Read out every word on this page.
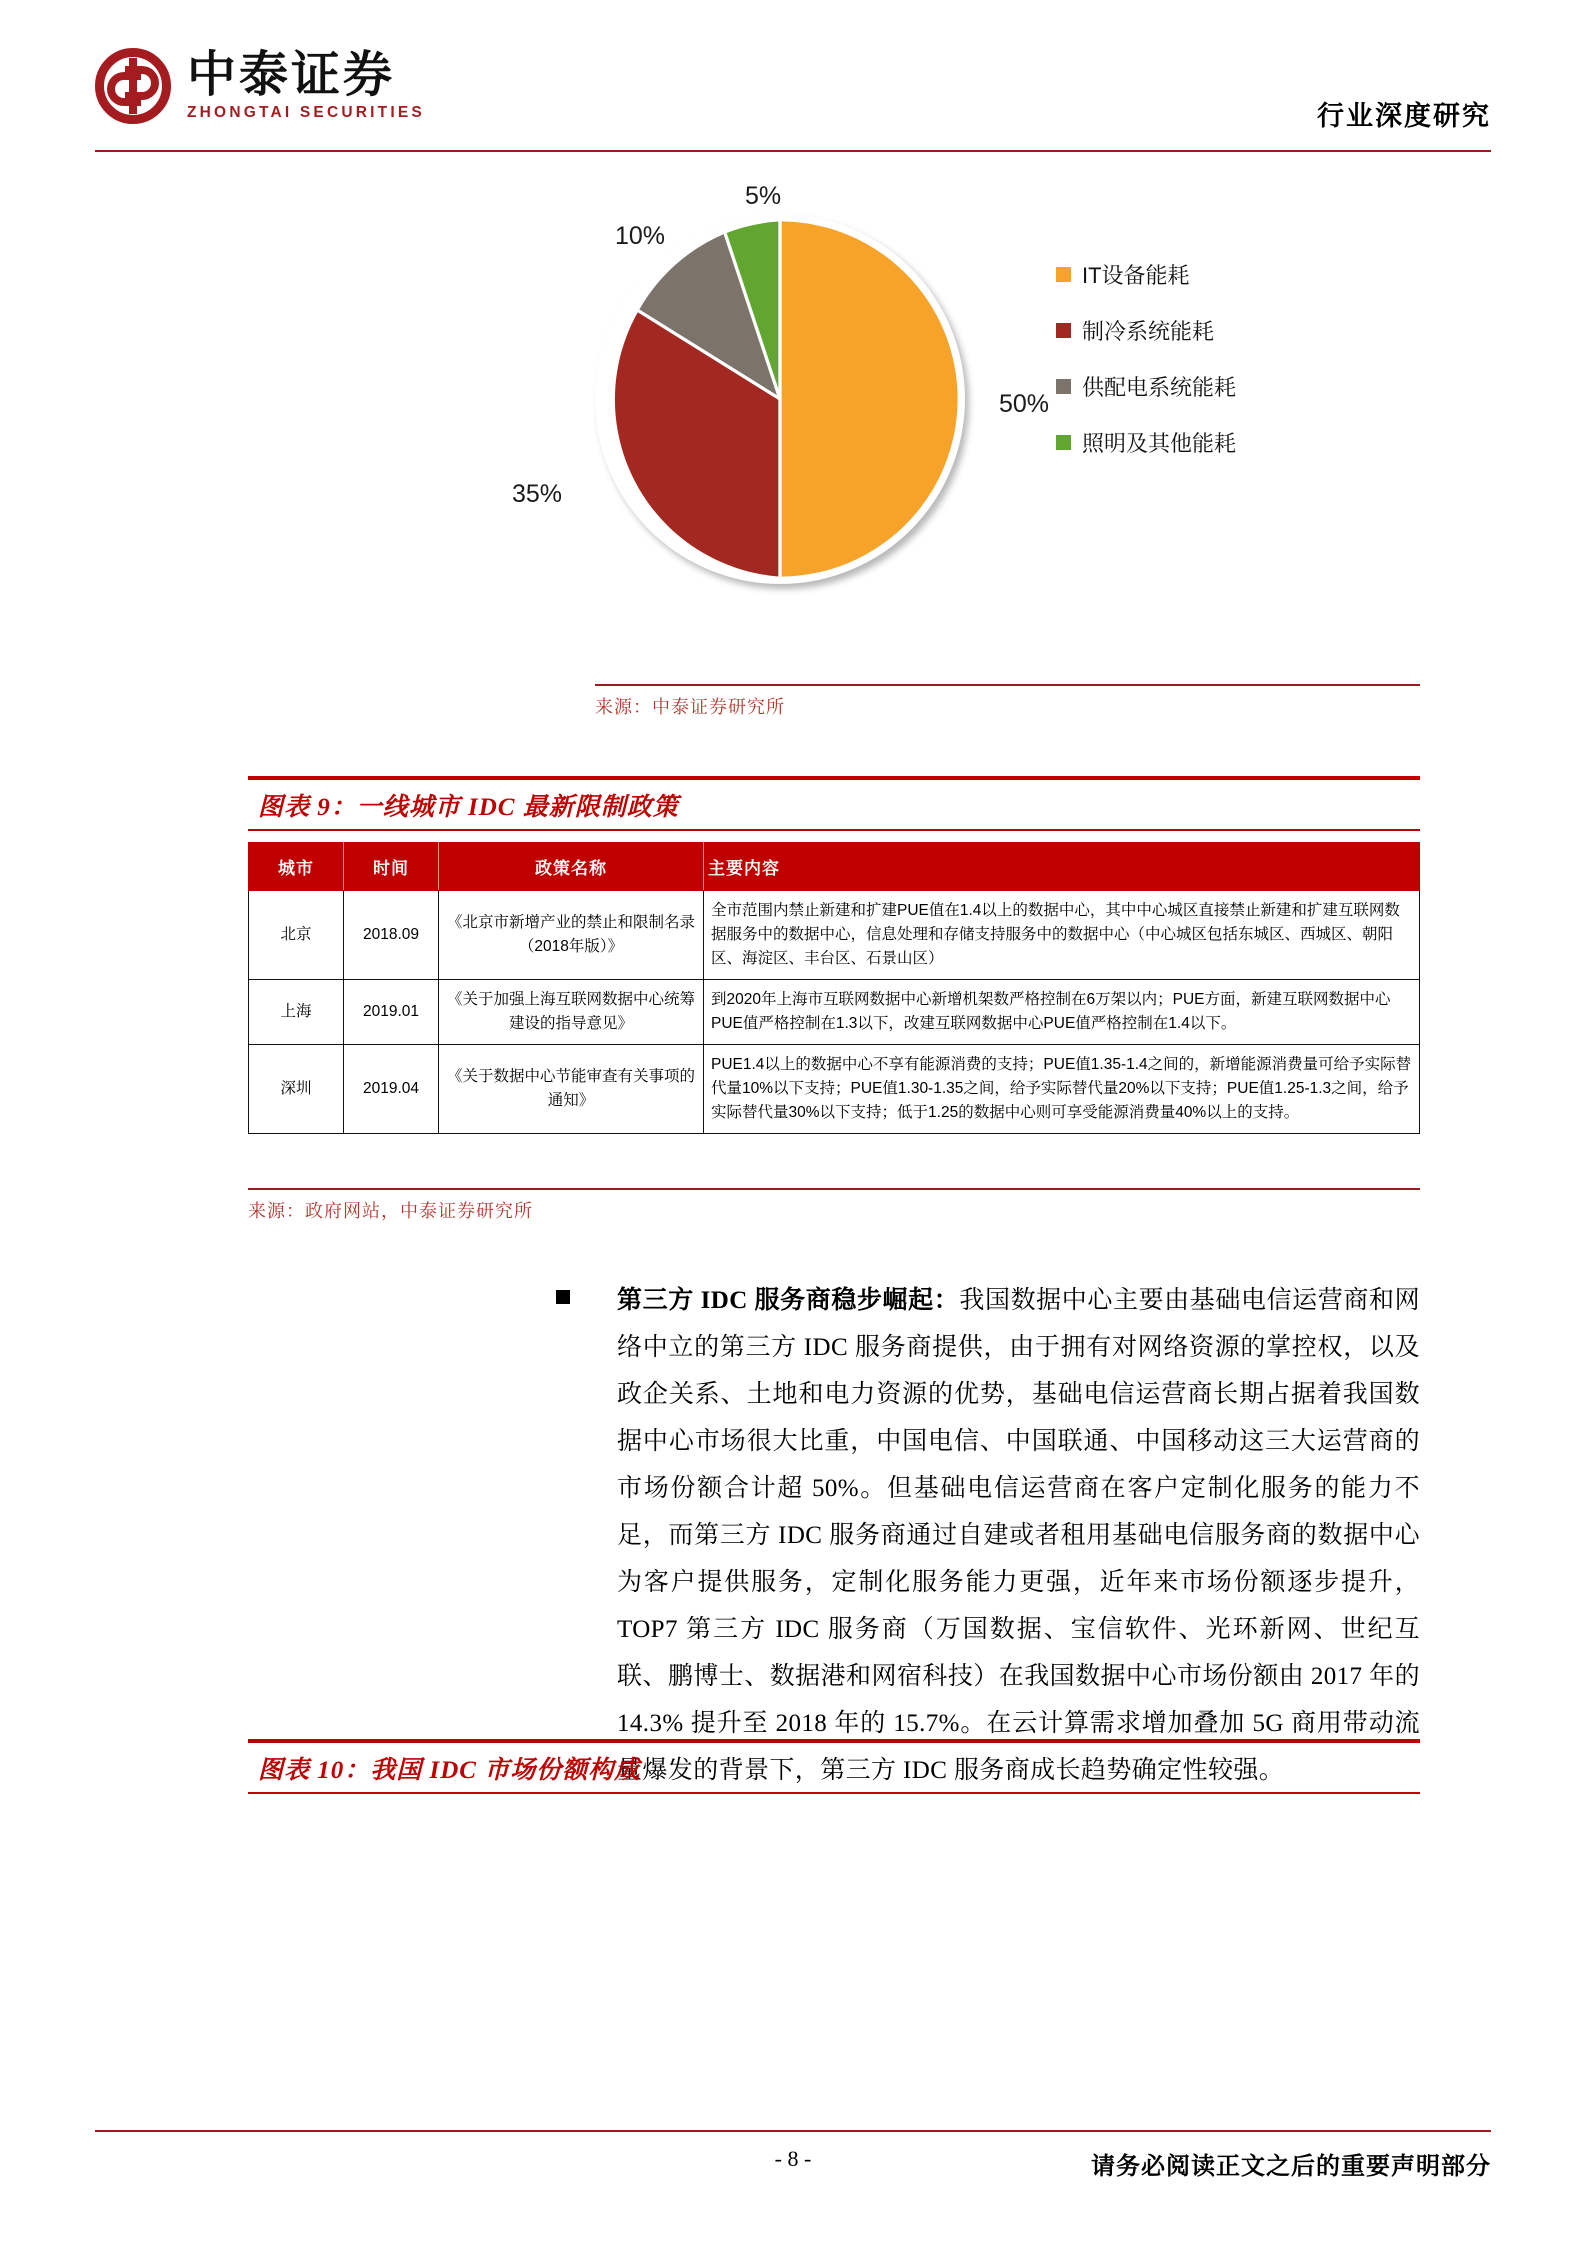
中泰证券
ZHONGTAI SECURITIES	行业深度研究
50%
35%
10%
5%
IT设备能耗
制冷系统能耗
供配电系统能耗
照明及其他能耗
来源：中泰证券研究所
图表 9：一线城市 IDC 最新限制政策
城市	时间	政策名称	主要内容
北京	2018.09	《北京市新增产业的禁止和限制名录（2018年版）》	全市范围内禁止新建和扩建PUE值在1.4以上的数据中心，其中中心城区直接禁止新建和扩建互联网数据服务中的数据中心，信息处理和存储支持服务中的数据中心（中心城区包括东城区、西城区、朝阳区、海淀区、丰台区、石景山区）
上海	2019.01	《关于加强上海互联网数据中心统筹建设的指导意见》	到2020年上海市互联网数据中心新增机架数严格控制在6万架以内；PUE方面，新建互联网数据中心PUE值严格控制在1.3以下，改建互联网数据中心PUE值严格控制在1.4以下。
深圳	2019.04	《关于数据中心节能审查有关事项的通知》	PUE1.4以上的数据中心不享有能源消费的支持；PUE值1.35-1.4之间的，新增能源消费量可给予实际替代量10%以下支持；PUE值1.30-1.35之间，给予实际替代量20%以下支持；PUE值1.25-1.3之间，给予实际替代量30%以下支持；低于1.25的数据中心则可享受能源消费量40%以上的支持。
来源：政府网站，中泰证券研究所
第三方 IDC 服务商稳步崛起：我国数据中心主要由基础电信运营商和网络中立的第三方 IDC 服务商提供，由于拥有对网络资源的掌控权，以及政企关系、土地和电力资源的优势，基础电信运营商长期占据着我国数据中心市场很大比重，中国电信、中国联通、中国移动这三大运营商的市场份额合计超 50%。但基础电信运营商在客户定制化服务的能力不足，而第三方 IDC 服务商通过自建或者租用基础电信服务商的数据中心为客户提供服务，定制化服务能力更强，近年来市场份额逐步提升，TOP7 第三方 IDC 服务商（万国数据、宝信软件、光环新网、世纪互联、鹏博士、数据港和网宿科技）在我国数据中心市场份额由 2017 年的 14.3% 提升至 2018 年的 15.7%。在云计算需求增加叠加 5G 商用带动流量爆发的背景下，第三方 IDC 服务商成长趋势确定性较强。
图表 10：我国 IDC 市场份额构成
- 8 -	请务必阅读正文之后的重要声明部分
